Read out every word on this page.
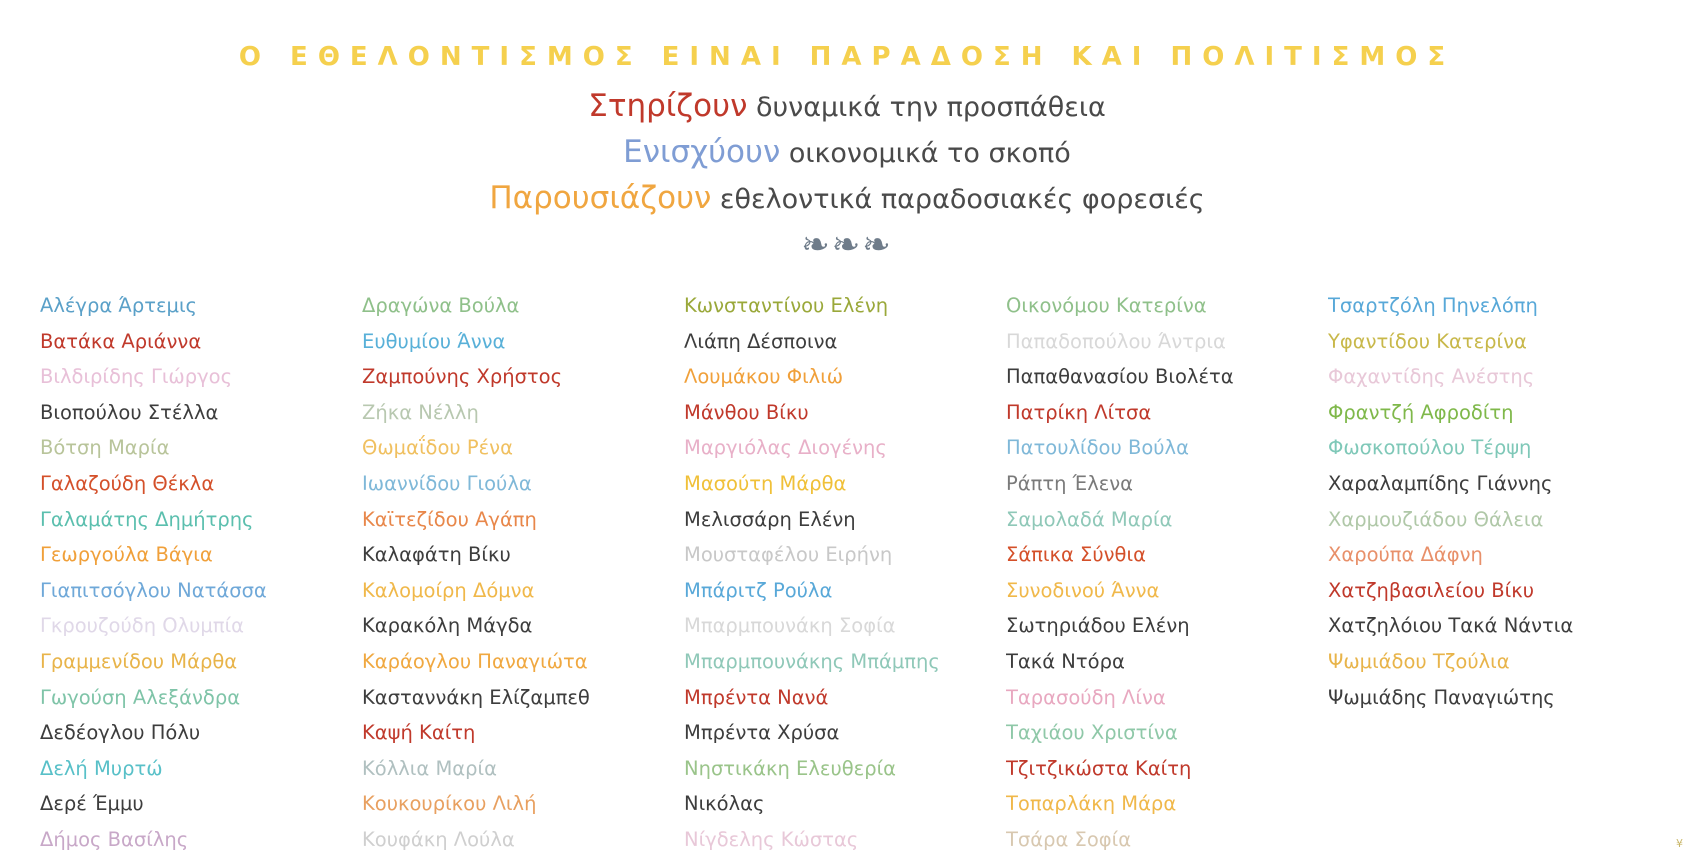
Ο ΕΘΕΛΟΝΤΙΣΜΟΣ ΕΙΝΑΙ ΠΑΡΑΔΟΣΗ ΚΑΙ ΠΟΛΙΤΙΣΜΟΣ
Στηρίζουν δυναμικά την προσπάθεια
Ενισχύουν οικονομικά το σκοπό
Παρουσιάζουν εθελοντικά παραδοσιακές φορεσιές
❧❧❧
Αλέγρα Άρτεμις
Βατάκα Αριάννα
Βιλδιρίδης Γιώργος
Βιοπούλου Στέλλα
Βότση Μαρία
Γαλαζούδη Θέκλα
Γαλαμάτης Δημήτρης
Γεωργούλα Βάγια
Γιαπιτσόγλου Νατάσσα
Γκρουζούδη Ολυμπία
Γραμμενίδου Μάρθα
Γωγούση Αλεξάνδρα
Δεδέογλου Πόλυ
Δελή Μυρτώ
Δερέ Έμμυ
Δήμος Βασίλης
Δραγώνα Βούλα
Ευθυμίου Άννα
Ζαμπούνης Χρήστος
Ζήκα Νέλλη
Θωμαΐδου Ρένα
Ιωαννίδου Γιούλα
Καϊτεζίδου Αγάπη
Καλαφάτη Βίκυ
Καλομοίρη Δόμνα
Καρακόλη Μάγδα
Καράογλου Παναγιώτα
Κασταννάκη Ελίζαμπεθ
Καψή Καίτη
Κόλλια Μαρία
Κουκουρίκου Λιλή
Κουφάκη Λούλα
Κωνσταντίνου Ελένη
Λιάπη Δέσποινα
Λουμάκου Φιλιώ
Μάνθου Βίκυ
Μαργιόλας Διογένης
Μασούτη Μάρθα
Μελισσάρη Ελένη
Μουσταφέλου Ειρήνη
Μπάριτζ Ρούλα
Μπαρμπουνάκη Σοφία
Μπαρμπουνάκης Μπάμπης
Μπρέντα Νανά
Μπρέντα Χρύσα
Νηστικάκη Ελευθερία
Νικόλας
Νίγδελης Κώστας
Οικονόμου Κατερίνα
Παπαδοπούλου Άντρια
Παπαθανασίου Βιολέτα
Πατρίκη Λίτσα
Πατουλίδου Βούλα
Ράπτη Έλενα
Σαμολαδά Μαρία
Σάπικα Σύνθια
Συνοδινού Άννα
Σωτηριάδου Ελένη
Τακά Ντόρα
Ταρασούδη Λίνα
Ταχιάου Χριστίνα
Τζιτζικώστα Καίτη
Τοπαρλάκη Μάρα
Τσάρα Σοφία
Τσαρτζόλη Πηνελόπη
Υφαντίδου Κατερίνα
Φαχαντίδης Ανέστης
Φραντζή Αφροδίτη
Φωσκοπούλου Τέρψη
Χαραλαμπίδης Γιάννης
Χαρμουζιάδου Θάλεια
Χαρούπα Δάφνη
Χατζηβασιλείου Βίκυ
Χατζηλόιου Τακά Νάντια
Ψωμιάδου Τζούλια
Ψωμιάδης Παναγιώτης
¥
